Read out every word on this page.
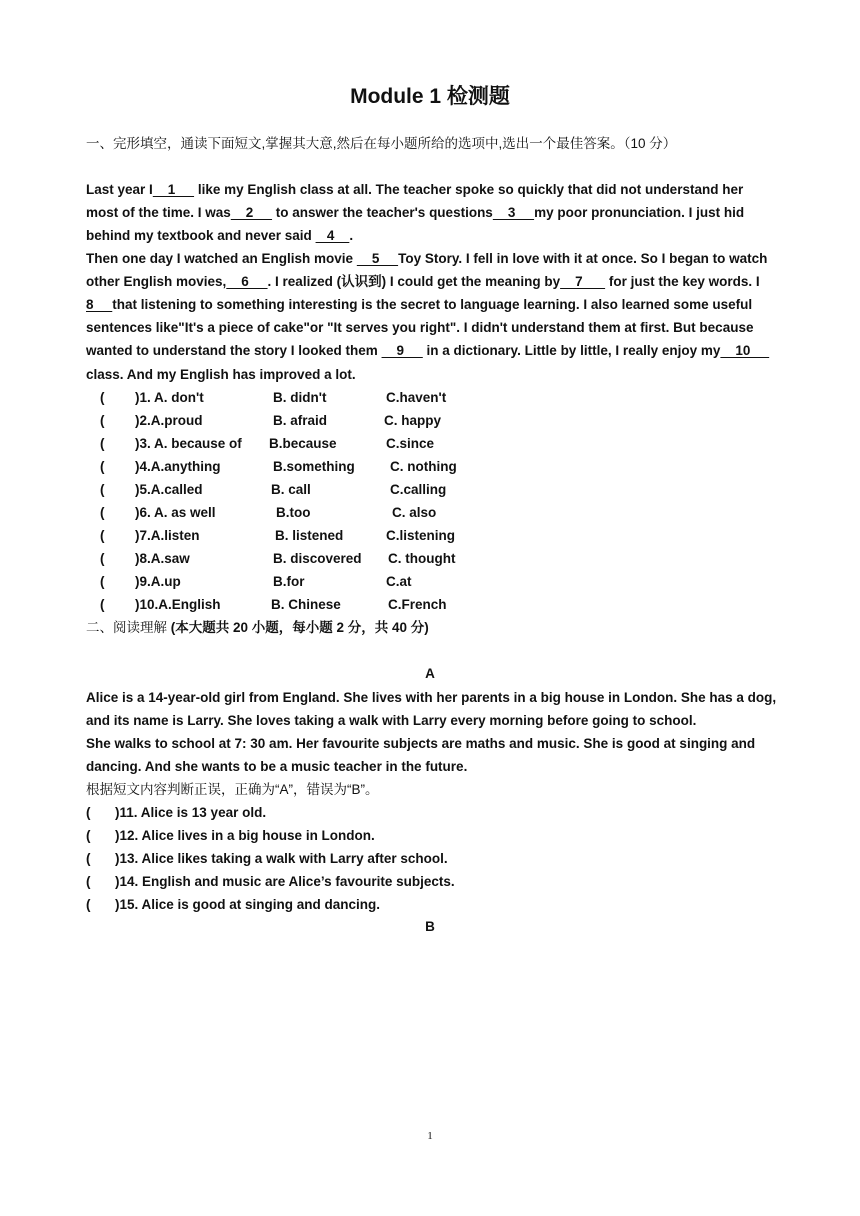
Module 1 检测题
一、完形填空，通读下面短文,掌握其大意,然后在每小题所给的选项中,选出一个最佳答案。（10 分）
Last year I    1      like my English class at all. The teacher spoke so quickly that did not understand her
most of the time. I was    2      to answer the teacher's questions    3     my poor pronunciation. I just hid
behind my textbook and never said    4    .
Then one day I watched an English movie     5     Toy Story. I fell in love with it at once. So I began to watch
other English movies,    6     . I realized (认识到) I could get the meaning by    7       for just the key words. I
8     that listening to something interesting is the secret to language learning. I also learned some useful
sentences like"It's a piece of cake"or "It serves you right". I didn't understand them at first. But because
wanted to understand the story I looked them     9      in a dictionary. Little by little, I really enjoy my    10
class. And my English has improved a lot.
( )1. A. don't	B. didn't	C.haven't
( )2.A.proud	B. afraid	C. happy
( )3. A. because of B.because	C.since
( )4.A.anything	B.something	C. nothing
( )5.A.called	B. call	C.calling
( )6. A. as well	B.too	C. also
( )7.A.listen	B. listened	C.listening
( )8.A.saw	B. discovered C. thought
( )9.A.up	B.for	C.at
( )10.A.English	B. Chinese	C.French
二、阅读理解 (本大题共 20 小题，每小题 2 分，共 40 分)
A
Alice is a 14-year-old girl from England. She lives with her parents in a big house in London. She has a dog,
and its name is Larry. She loves taking a walk with Larry every morning before going to school.
She walks to school at 7: 30 am. Her favourite subjects are maths and music. She is good at singing and
dancing. And she wants to be a music teacher in the future.
根据短文内容判断正误，正确为“A”，错误为“B”。
( )11. Alice is 13 year old.
( )12. Alice lives in a big house in London.
( )13. Alice likes taking a walk with Larry after school.
( )14. English and music are Alice’s favourite subjects.
( )15. Alice is good at singing and dancing.
B
1
